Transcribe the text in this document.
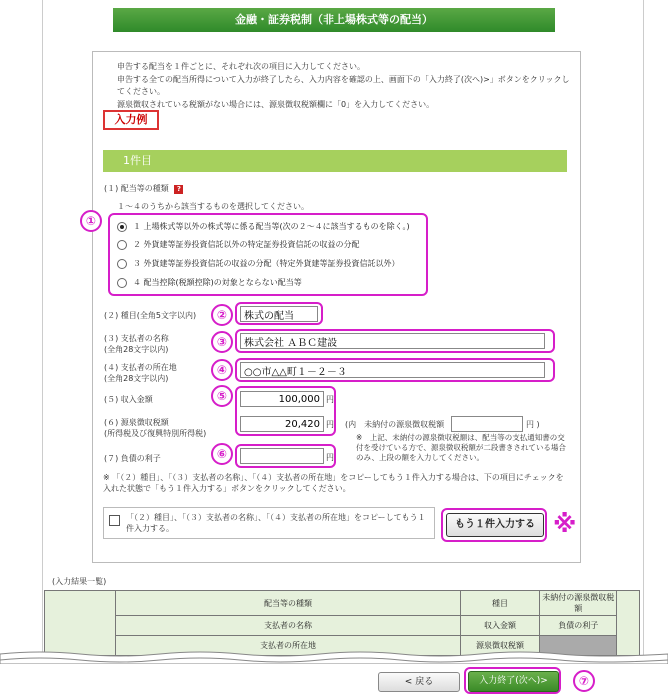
金融・証券税制（非上場株式等の配当）
申告する配当を１件ごとに、それぞれ次の項目に入力してください。
申告する全ての配当所得について入力が終了したら、入力内容を確認の上、画面下の「入力終了(次へ)>」ボタンをクリックしてください。
源泉徴収されている税額がない場合には、源泉徴収税額欄に「0」を入力してください。
入力例
1件目
(１) 配当等の種類 ?
１～４のうちから該当するものを選択してください。
①	１ 上場株式等以外の株式等に係る配当等(次の２～４に該当するものを除く。)
２ 外貨建等証券投資信託以外の特定証券投資信託の収益の分配
３ 外貨建等証券投資信託の収益の分配（特定外貨建等証券投資信託以外）
４ 配当控除(税額控除)の対象とならない配当等
(２) 種目(全角5文字以内)	②
株式の配当
(３) 支払者の名称
(全角28文字以内)
③
株式会社 ＡＢＣ建設
(４) 支払者の所在地
(全角28文字以内)
④
○○市△△町１－２－３
⑤
(５) 収入金額
100,000	円
(６) 源泉徴収税額
(所得税及び復興特別所得税)
20,420
円 (内　未納付の源泉徴収税額	円 )
※　上記、未納付の源泉徴収税額は、配当等の支払通知書の交付を受けている方で、源泉徴収税額が二段書きされている場合のみ、上段の額を入力してください。
(７) 負債の利子	⑥	円
※ 「（２）種目」、「（３）支払者の名称」、「（４）支払者の所在地」をコピーしてもう１件入力する場合は、下の項目にチェックを入れた状態で「もう１件入力する」ボタンをクリックしてください。
「（２）種目」、「（３）支払者の名称」、「（４）支払者の所在地」をコピーしてもう１件入力する。	もう１件入力する ※
(入力結果一覧)
	配当等の種類	種目	未納付の源泉徴収税額	
	支払者の名称	収入金額	負債の利子	
	支払者の所在地	源泉徴収税額		
< 戻る	入力終了(次へ)>	⑦
